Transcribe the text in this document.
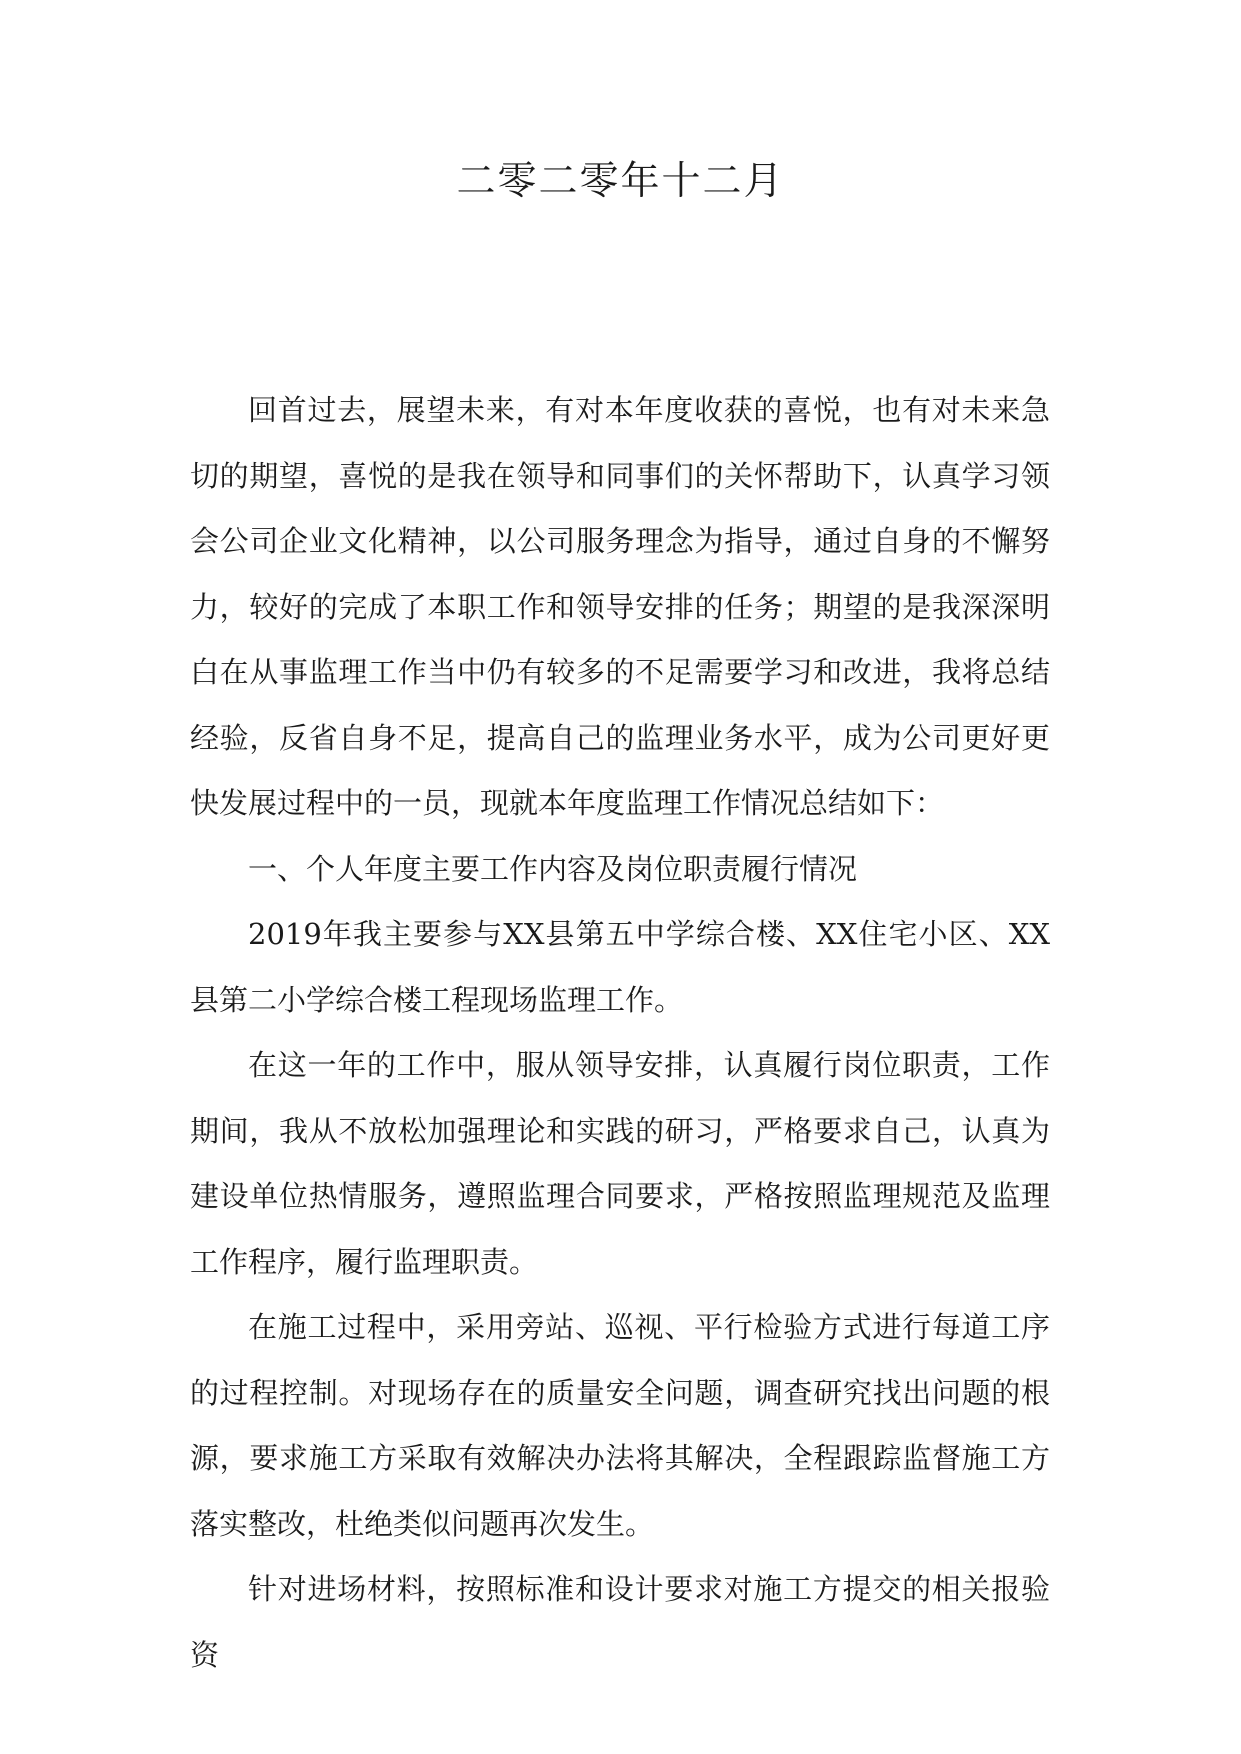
二零二零年十二月

回首过去，展望未来，有对本年度收获的喜悦，也有对未来急切的期望，喜悦的是我在领导和同事们的关怀帮助下，认真学习领会公司企业文化精神，以公司服务理念为指导，通过自身的不懈努力，较好的完成了本职工作和领导安排的任务；期望的是我深深明白在从事监理工作当中仍有较多的不足需要学习和改进，我将总结经验，反省自身不足，提高自己的监理业务水平，成为公司更好更快发展过程中的一员，现就本年度监理工作情况总结如下：

一、个人年度主要工作内容及岗位职责履行情况

2019年我主要参与XX县第五中学综合楼、XX住宅小区、XX县第二小学综合楼工程现场监理工作。

在这一年的工作中，服从领导安排，认真履行岗位职责，工作期间，我从不放松加强理论和实践的研习，严格要求自己，认真为建设单位热情服务，遵照监理合同要求，严格按照监理规范及监理工作程序，履行监理职责。

在施工过程中，采用旁站、巡视、平行检验方式进行每道工序的过程控制。对现场存在的质量安全问题，调查研究找出问题的根源，要求施工方采取有效解决办法将其解决，全程跟踪监督施工方落实整改，杜绝类似问题再次发生。

针对进场材料，按照标准和设计要求对施工方提交的相关报验资
